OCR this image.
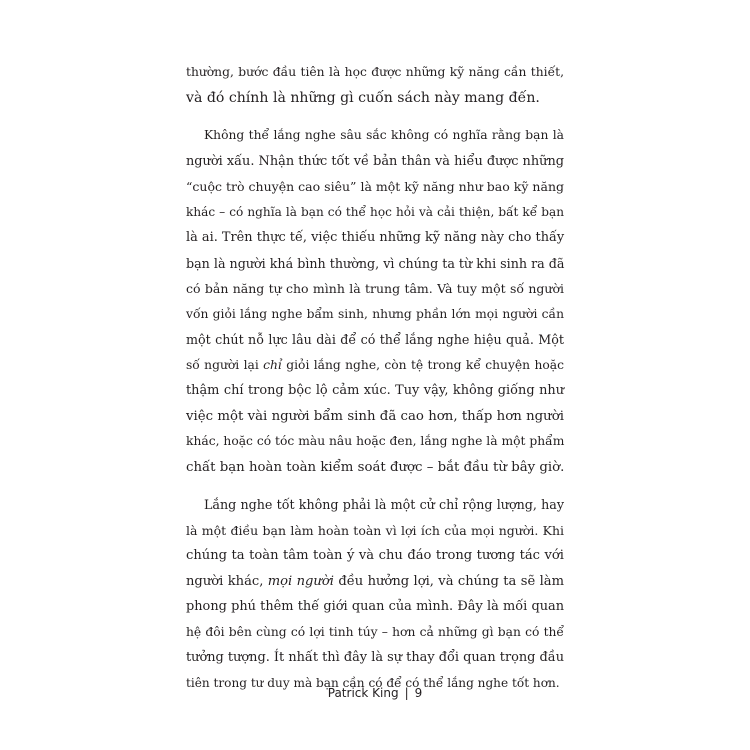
thường, bước đầu tiên là học được những kỹ năng cần thiết,
và đó chính là những gì cuốn sách này mang đến.

Không thể lắng nghe sâu sắc không có nghĩa rằng bạn là
người xấu. Nhận thức tốt về bản thân và hiểu được những
“cuộc trò chuyện cao siêu” là một kỹ năng như bao kỹ năng
khác – có nghĩa là bạn có thể học hỏi và cải thiện, bất kể bạn
là ai. Trên thực tế, việc thiếu những kỹ năng này cho thấy
bạn là người khá bình thường, vì chúng ta từ khi sinh ra đã
có bản năng tự cho mình là trung tâm. Và tuy một số người
vốn giỏi lắng nghe bẩm sinh, nhưng phần lớn mọi người cần
một chút nỗ lực lâu dài để có thể lắng nghe hiệu quả. Một
số người lại chỉ giỏi lắng nghe, còn tệ trong kể chuyện hoặc
thậm chí trong bộc lộ cảm xúc. Tuy vậy, không giống như
việc một vài người bẩm sinh đã cao hơn, thấp hơn người
khác, hoặc có tóc màu nâu hoặc đen, lắng nghe là một phẩm
chất bạn hoàn toàn kiểm soát được – bắt đầu từ bây giờ.

Lắng nghe tốt không phải là một cử chỉ rộng lượng, hay
là một điều bạn làm hoàn toàn vì lợi ích của mọi người. Khi
chúng ta toàn tâm toàn ý và chu đáo trong tương tác với
người khác, mọi người đều hưởng lợi, và chúng ta sẽ làm
phong phú thêm thế giới quan của mình. Đây là mối quan
hệ đôi bên cùng có lợi tinh túy – hơn cả những gì bạn có thể
tưởng tượng. Ít nhất thì đây là sự thay đổi quan trọng đầu
tiên trong tư duy mà bạn cần có để có thể lắng nghe tốt hơn.

Patrick King | 9
